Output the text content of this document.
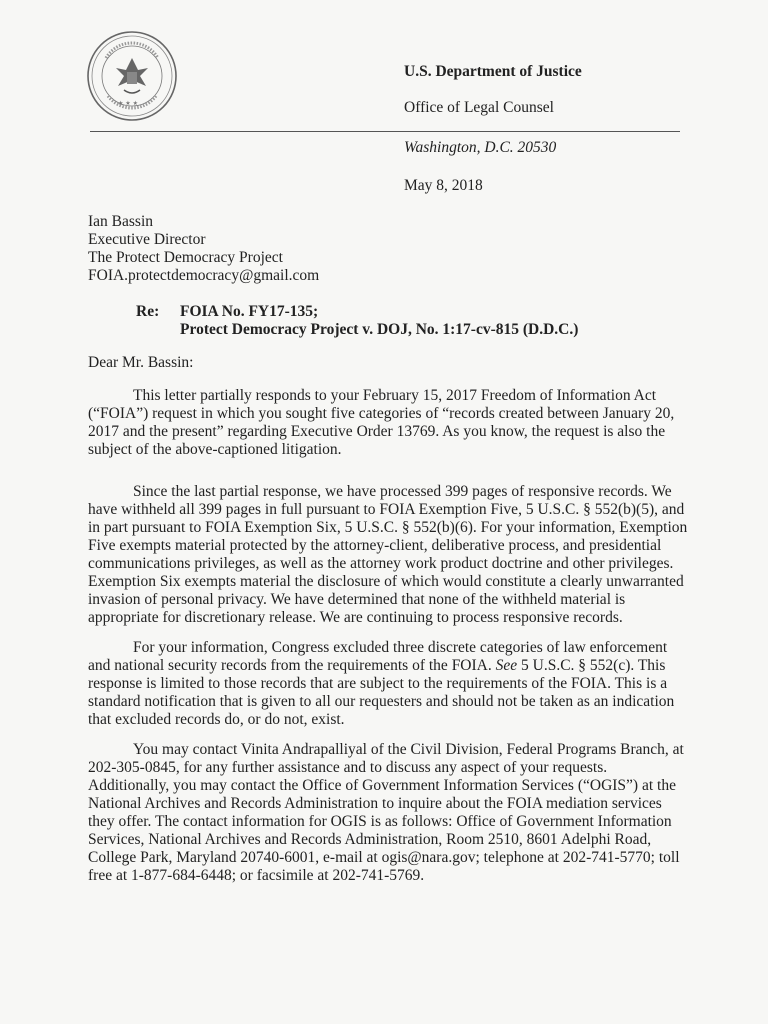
★ ★ ★
U.S. Department of Justice
Office of Legal Counsel
Washington, D.C. 20530
May 8, 2018
Ian Bassin
Executive Director
The Protect Democracy Project
FOIA.protectdemocracy@gmail.com
Re: FOIA No. FY17-135;
Protect Democracy Project v. DOJ, No. 1:17-cv-815 (D.D.C.)
Dear Mr. Bassin:
This letter partially responds to your February 15, 2017 Freedom of Information Act
(“FOIA”) request in which you sought five categories of “records created between January 20,
2017 and the present” regarding Executive Order 13769. As you know, the request is also the
subject of the above-captioned litigation.
Since the last partial response, we have processed 399 pages of responsive records. We
have withheld all 399 pages in full pursuant to FOIA Exemption Five, 5 U.S.C. § 552(b)(5), and
in part pursuant to FOIA Exemption Six, 5 U.S.C. § 552(b)(6). For your information, Exemption
Five exempts material protected by the attorney-client, deliberative process, and presidential
communications privileges, as well as the attorney work product doctrine and other privileges.
Exemption Six exempts material the disclosure of which would constitute a clearly unwarranted
invasion of personal privacy. We have determined that none of the withheld material is
appropriate for discretionary release. We are continuing to process responsive records.
For your information, Congress excluded three discrete categories of law enforcement
and national security records from the requirements of the FOIA. See 5 U.S.C. § 552(c). This
response is limited to those records that are subject to the requirements of the FOIA. This is a
standard notification that is given to all our requesters and should not be taken as an indication
that excluded records do, or do not, exist.
You may contact Vinita Andrapalliyal of the Civil Division, Federal Programs Branch, at
202-305-0845, for any further assistance and to discuss any aspect of your requests.
Additionally, you may contact the Office of Government Information Services (“OGIS”) at the
National Archives and Records Administration to inquire about the FOIA mediation services
they offer. The contact information for OGIS is as follows: Office of Government Information
Services, National Archives and Records Administration, Room 2510, 8601 Adelphi Road,
College Park, Maryland 20740-6001, e-mail at ogis@nara.gov; telephone at 202-741-5770; toll
free at 1-877-684-6448; or facsimile at 202-741-5769.
